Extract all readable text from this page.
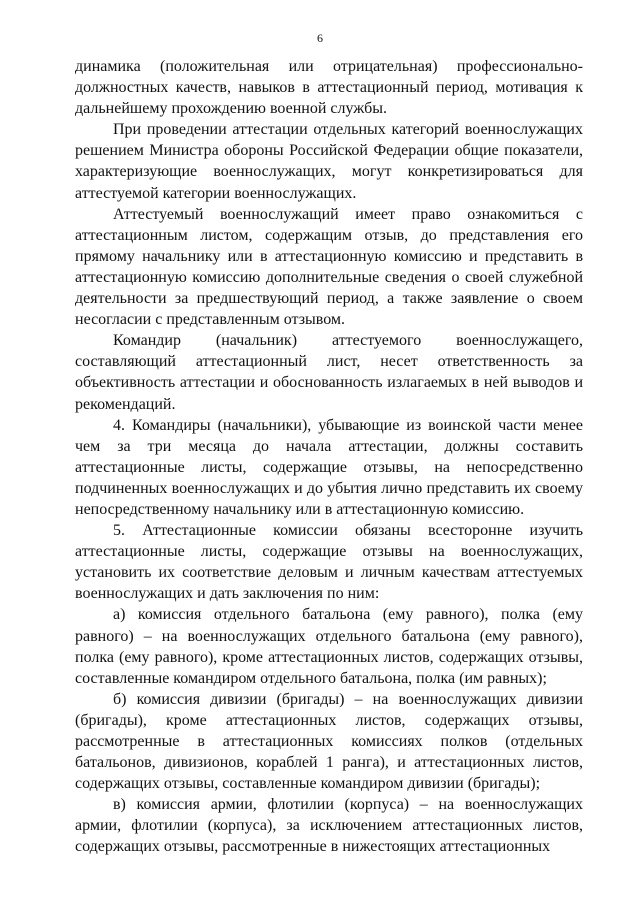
6

динамика (положительная или отрицательная) профессионально-должностных качеств, навыков в аттестационный период, мотивация к дальнейшему прохождению военной службы.

При проведении аттестации отдельных категорий военнослужащих решением Министра обороны Российской Федерации общие показатели, характеризующие военнослужащих, могут конкретизироваться для аттестуемой категории военнослужащих.

Аттестуемый военнослужащий имеет право ознакомиться с аттестационным листом, содержащим отзыв, до представления его прямому начальнику или в аттестационную комиссию и представить в аттестационную комиссию дополнительные сведения о своей служебной деятельности за предшествующий период, а также заявление о своем несогласии с представленным отзывом.

Командир (начальник) аттестуемого военнослужащего, составляющий аттестационный лист, несет ответственность за объективность аттестации и обоснованность излагаемых в ней выводов и рекомендаций.

4. Командиры (начальники), убывающие из воинской части менее чем за три месяца до начала аттестации, должны составить аттестационные листы, содержащие отзывы, на непосредственно подчиненных военнослужащих и до убытия лично представить их своему непосредственному начальнику или в аттестационную комиссию.

5. Аттестационные комиссии обязаны всесторонне изучить аттестационные листы, содержащие отзывы на военнослужащих, установить их соответствие деловым и личным качествам аттестуемых военнослужащих и дать заключения по ним:

а) комиссия отдельного батальона (ему равного), полка (ему равного) – на военнослужащих отдельного батальона (ему равного), полка (ему равного), кроме аттестационных листов, содержащих отзывы, составленные командиром отдельного батальона, полка (им равных);

б) комиссия дивизии (бригады) – на военнослужащих дивизии (бригады), кроме аттестационных листов, содержащих отзывы, рассмотренные в аттестационных комиссиях полков (отдельных батальонов, дивизионов, кораблей 1 ранга), и аттестационных листов, содержащих отзывы, составленные командиром дивизии (бригады);

в) комиссия армии, флотилии (корпуса) – на военнослужащих армии, флотилии (корпуса), за исключением аттестационных листов, содержащих отзывы, рассмотренные в нижестоящих аттестационных
